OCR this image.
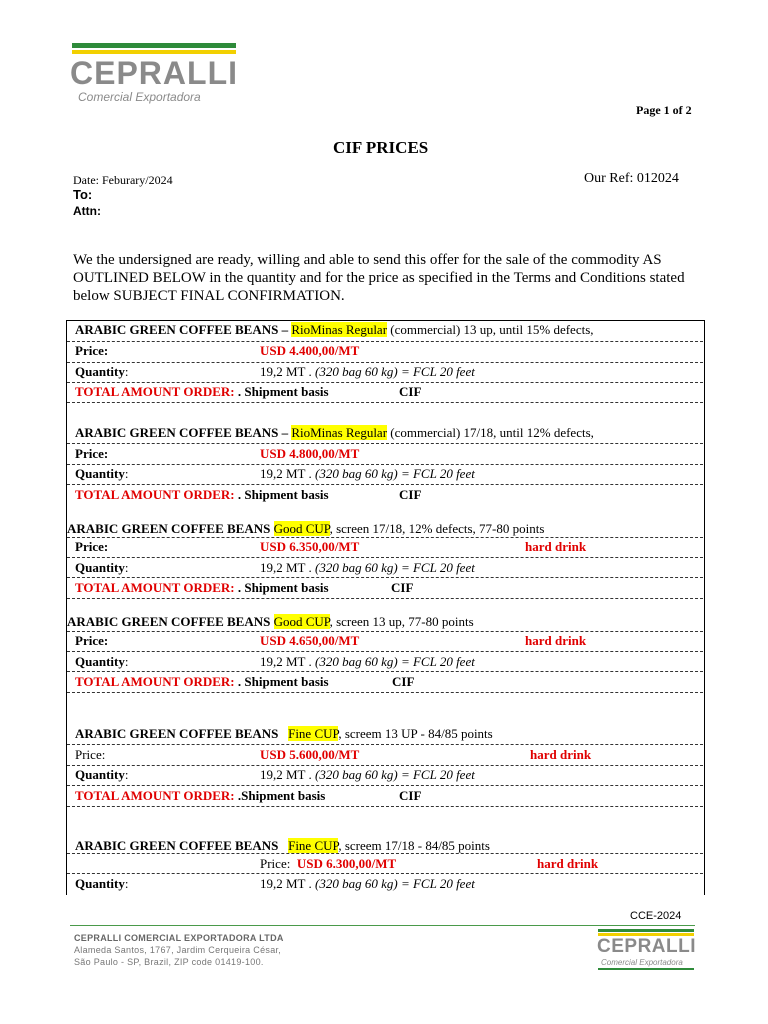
CEPRALLI
Comercial Exportadora
Page 1 of 2
CIF PRICES
Date: Feburary/2024	Our Ref: 012024
To:
Attn:
We the undersigned are ready, willing and able to send this offer for the sale of the commodity AS
OUTLINED BELOW in the quantity and for the price as specified in the Terms and Conditions stated
below SUBJECT FINAL CONFIRMATION.
ARABIC GREEN COFFEE BEANS – RioMinas Regular (commercial) 13 up, until 15% defects,
Price:	USD 4.400,00/MT
Quantity:	19,2 MT . (320 bag 60 kg) = FCL 20 feet
TOTAL AMOUNT ORDER: . Shipment basis	CIF
ARABIC GREEN COFFEE BEANS – RioMinas Regular (commercial) 17/18, until 12% defects,
Price:	USD 4.800,00/MT
Quantity:	19,2 MT . (320 bag 60 kg) = FCL 20 feet
TOTAL AMOUNT ORDER: . Shipment basis	CIF
ARABIC GREEN COFFEE BEANS Good CUP, screen 17/18, 12% defects, 77-80 points
Price:	USD 6.350,00/MT	hard drink
Quantity:	19,2 MT . (320 bag 60 kg) = FCL 20 feet
TOTAL AMOUNT ORDER: . Shipment basis	CIF
ARABIC GREEN COFFEE BEANS Good CUP, screen 13 up, 77-80 points
Price:	USD 4.650,00/MT	hard drink
Quantity:	19,2 MT . (320 bag 60 kg) = FCL 20 feet
TOTAL AMOUNT ORDER: . Shipment basis	CIF
ARABIC GREEN COFFEE BEANS Fine CUP, screem 13 UP - 84/85 points
Price:	USD 5.600,00/MT	hard drink
Quantity:	19,2 MT . (320 bag 60 kg) = FCL 20 feet
TOTAL AMOUNT ORDER: .Shipment basis	CIF
ARABIC GREEN COFFEE BEANS Fine CUP, screem 17/18 - 84/85 points
Price: USD 6.300,00/MT	hard drink
Quantity:	19,2 MT . (320 bag 60 kg) = FCL 20 feet
CCE-2024
CEPRALLI COMERCIAL EXPORTADORA LTDA
Alameda Santos, 1767, Jardim Cerqueira César,
São Paulo - SP, Brazil, ZIP code 01419-100.
CEPRALLI
Comercial Exportadora
